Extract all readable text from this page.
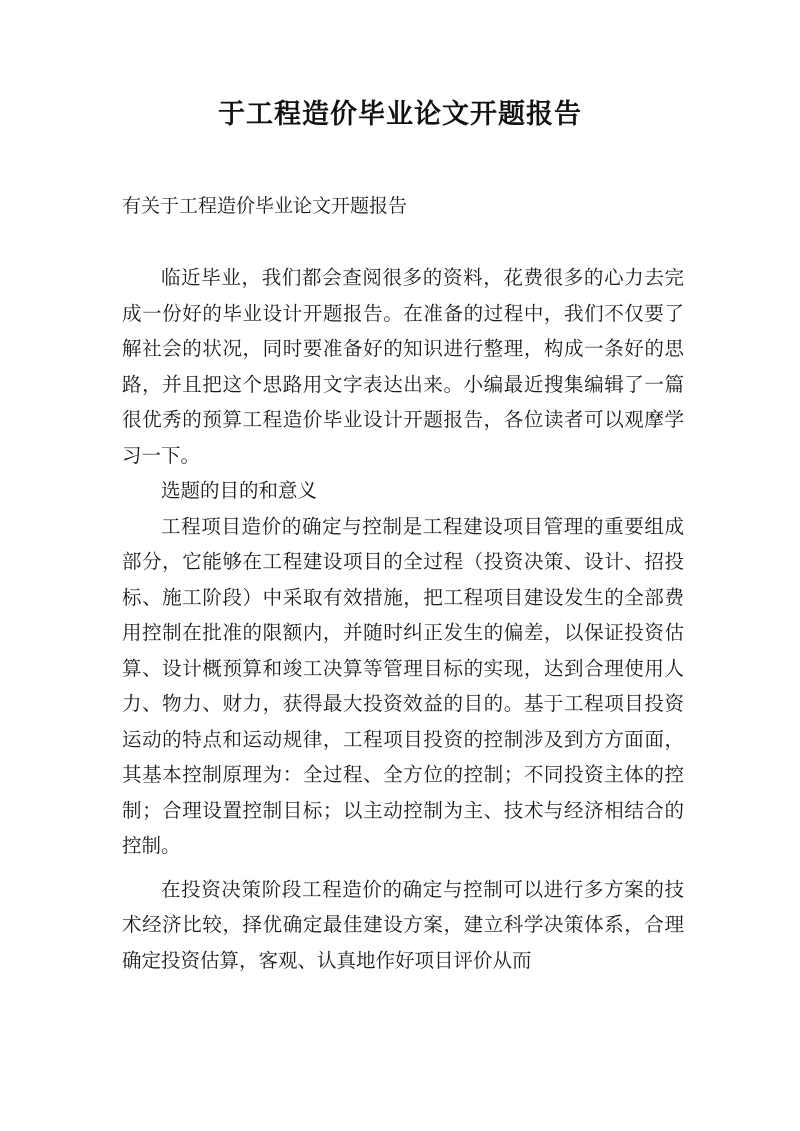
于工程造价毕业论文开题报告
有关于工程造价毕业论文开题报告

临近毕业，我们都会查阅很多的资料，花费很多的心力去完成一份好的毕业设计开题报告。在准备的过程中，我们不仅要了解社会的状况，同时要准备好的知识进行整理，构成一条好的思路，并且把这个思路用文字表达出来。小编最近搜集编辑了一篇很优秀的预算工程造价毕业设计开题报告，各位读者可以观摩学习一下。

选题的目的和意义

工程项目造价的确定与控制是工程建设项目管理的重要组成部分，它能够在工程建设项目的全过程（投资决策、设计、招投标、施工阶段）中采取有效措施，把工程项目建设发生的全部费用控制在批准的限额内，并随时纠正发生的偏差，以保证投资估算、设计概预算和竣工决算等管理目标的实现，达到合理使用人力、物力、财力，获得最大投资效益的目的。基于工程项目投资运动的特点和运动规律，工程项目投资的控制涉及到方方面面，其基本控制原理为：全过程、全方位的控制；不同投资主体的控制；合理设置控制目标；以主动控制为主、技术与经济相结合的控制。

在投资决策阶段工程造价的确定与控制可以进行多方案的技术经济比较，择优确定最佳建设方案，建立科学决策体系，合理确定投资估算，客观、认真地作好项目评价从而
